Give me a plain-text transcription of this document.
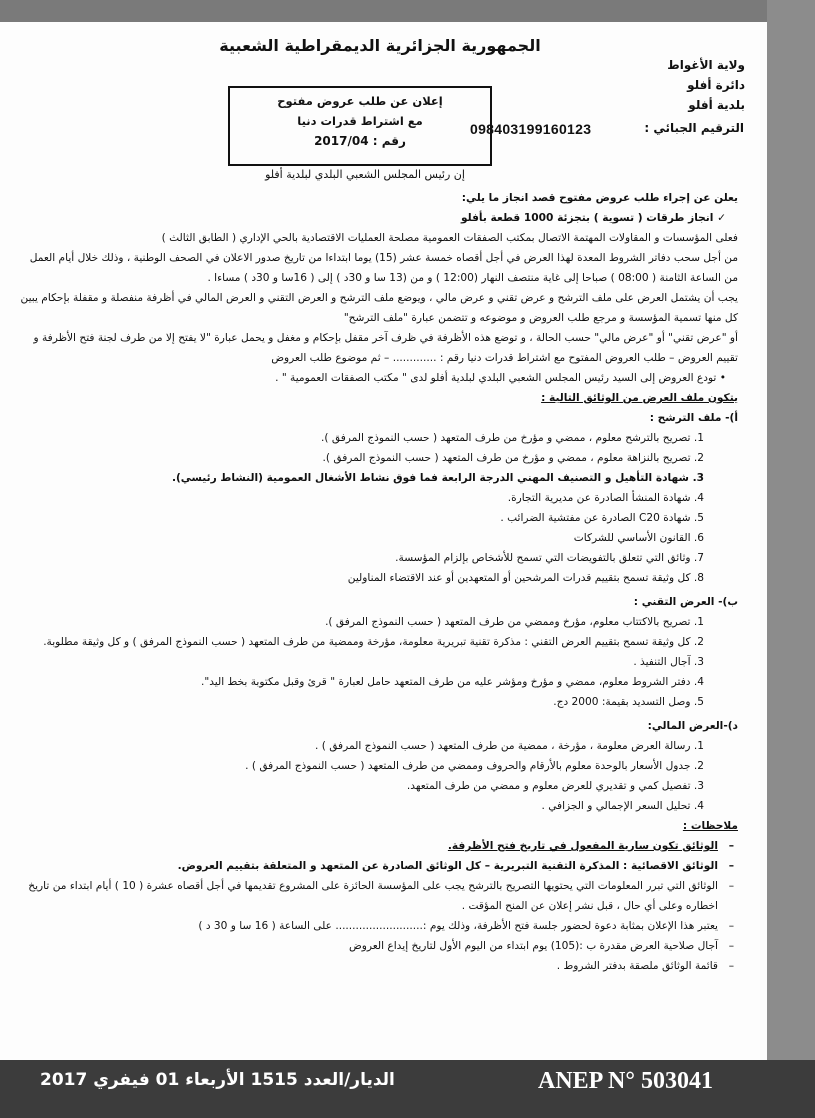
الجمهورية الجزائرية الديمقراطية الشعبية
ولاية الأغواط
دائرة أفلو
بلدية أفلو
الترقيم الجبائي :
098403199160123
إعلان عن طلب عروض مفتوح
مع اشتراط قدرات دنيا
رقم : 2017/04
إن رئيس المجلس الشعبي البلدي لبلدية أفلو

يعلن عن إجراء طلب عروض مفتوح قصد انجاز ما يلي:

✓ انجاز طرقات ( تسوية ) بتجزئة 1000 قطعة بأفلو

فعلى المؤسسات و المقاولات المهتمة الاتصال بمكتب الصفقات العمومية مصلحة العمليات الاقتصادية بالحي الإداري ( الطابق الثالث )

من أجل سحب دفاتر الشروط المعدة لهذا العرض في أجل أقصاه خمسة عشر (15) يوما ابتداءا من تاريخ صدور الاعلان في الصحف الوطنية ، وذلك خلال أيام العمل من الساعة الثامنة ( 08:00 ) صباحا إلى غاية منتصف النهار (12:00 ) و من (13 سا و 30د ) إلى ( 16سا و 30د ) مساءا .

يجب أن يشتمل العرض على ملف الترشح و عرض تقني و عرض مالي ، ويوضع ملف الترشح و العرض التقني و العرض المالي في أظرفة منفصلة و مقفلة بإحكام يبين كل منها تسمية المؤسسة و مرجع طلب العروض و موضوعه و تتضمن عبارة "ملف الترشح"

أو "عرض تقني" أو "عرض مالي" حسب الحالة ، و توضع هذه الأظرفة في ظرف آخر مقفل بإحكام و مغفل و يحمل عبارة "لا يفتح إلا من طرف لجنة فتح الأظرفة و تقييم العروض – طلب العروض المفتوح مع اشتراط قدرات دنيا رقم : ............. – ثم موضوع طلب العروض

• تودع العروض إلى السيد رئيس المجلس الشعبي البلدي لبلدية أفلو لدى " مكتب الصفقات العمومية " .

يتكون ملف العرض من الوثائق التالية :

أ)- ملف الترشح :

1. تصريح بالترشح معلوم ، ممضي و مؤرخ من طرف المتعهد ( حسب النموذج المرفق ).

2. تصريح بالنزاهة معلوم ، ممضي و مؤرخ من طرف المتعهد ( حسب النموذج المرفق ).

3. شهادة التأهيل و التصنيف المهني الدرجة الرابعة فما فوق نشاط الأشغال العمومية (النشاط رئيسي).

4. شهادة المنشأ الصادرة عن مديرية التجارة.

5. شهادة C20 الصادرة عن مفتشية الضرائب .

6. القانون الأساسي للشركات

7. وثائق التي تتعلق بالتفويضات التي تسمح للأشخاص بإلزام المؤسسة.

8. كل وثيقة تسمح بتقييم قدرات المرشحين أو المتعهدين أو عند الاقتضاء المناولين

ب)- العرض التقني :

1. تصريح بالاكتتاب معلوم، مؤرخ وممضي من طرف المتعهد ( حسب النموذج المرفق ).

2. كل وثيقة تسمح بتقييم العرض التقني : مذكرة تقنية تبريرية معلومة، مؤرخة وممضية من طرف المتعهد ( حسب النموذج المرفق ) و كل وثيقة مطلوبة.

3. آجال التنفيذ .

4. دفتر الشروط معلوم، ممضي و مؤرخ ومؤشر عليه من طرف المتعهد حامل لعبارة " قرئ وقبل مكتوبة بخط اليد".

5. وصل التسديد بقيمة: 2000 دج.

د)-العرض المالي:

1. رسالة العرض معلومة ، مؤرخة ، ممضية من طرف المتعهد ( حسب النموذج المرفق ) .

2. جدول الأسعار بالوحدة معلوم بالأرقام والحروف وممضي من طرف المتعهد ( حسب النموذج المرفق ) .

3. تفصيل كمي و تقديري للعرض معلوم و ممضي من طرف المتعهد.

4. تحليل السعر الإجمالي و الجزافي .

ملاحظات :

– الوثائق تكون سارية المفعول في تاريخ فتح الأظرفة.

– الوثائق الاقصائية : المذكرة التقنية التبريرية – كل الوثائق الصادرة عن المتعهد و المتعلقة بتقييم العروض.

– الوثائق التي تبرر المعلومات التي يحتويها التصريح بالترشح يجب على المؤسسة الحائزة على المشروع تقديمها في أجل أقصاه عشرة ( 10 ) أيام ابتداء من تاريخ اخطاره وعلى أي حال ، قبل نشر إعلان عن المنح المؤقت .

– يعتبر هذا الإعلان بمثابة دعوة لحضور جلسة فتح الأظرفة، وذلك يوم :.......................... على الساعة ( 16 سا و 30 د )

– آجال صلاحية العرض مقدرة ب :(105) يوم ابتداء من اليوم الأول لتاريخ إيداع العروض

– قائمة الوثائق ملصقة بدفتر الشروط .

الديار/العدد 1515 الأربعاء 01 فيفري 2017	ANEP N° 503041
